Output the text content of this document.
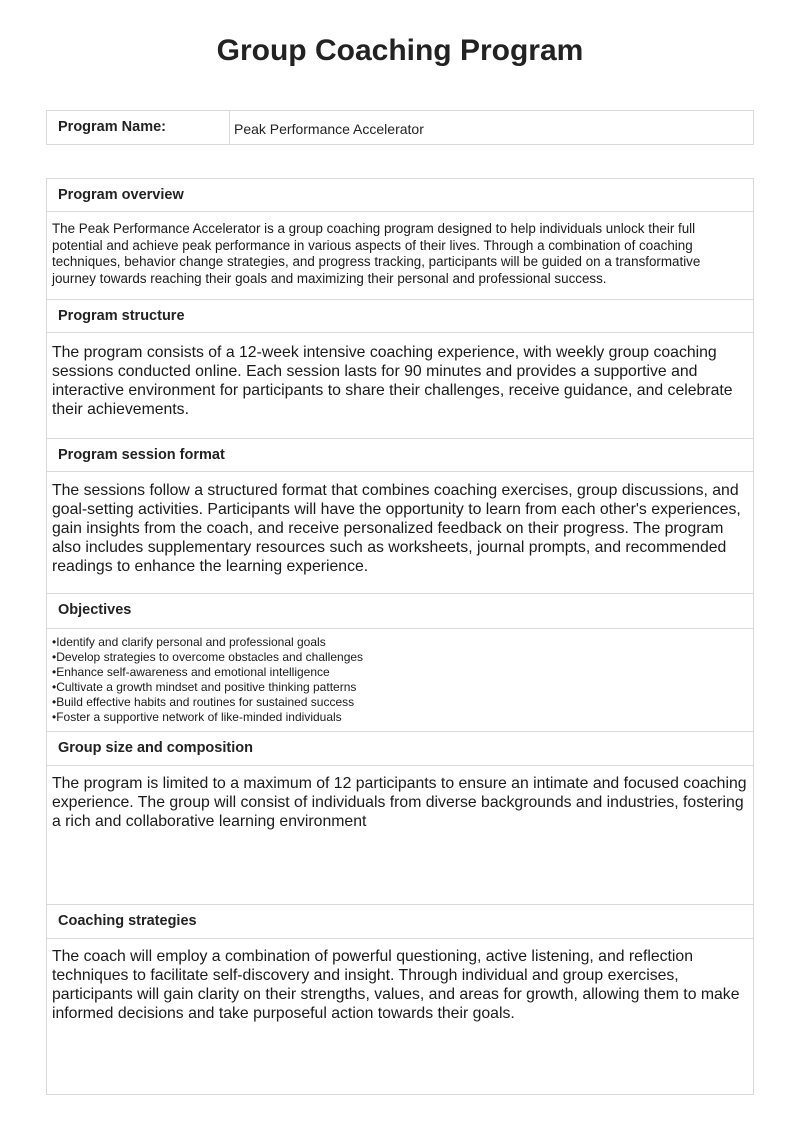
Group Coaching Program
Program Name:	Peak Performance Accelerator
Program overview

The Peak Performance Accelerator is a group coaching program designed to help individuals unlock their full potential and achieve peak performance in various aspects of their lives. Through a combination of coaching techniques, behavior change strategies, and progress tracking, participants will be guided on a transformative journey towards reaching their goals and maximizing their personal and professional success.

Program structure

The program consists of a 12-week intensive coaching experience, with weekly group coaching sessions conducted online. Each session lasts for 90 minutes and provides a supportive and interactive environment for participants to share their challenges, receive guidance, and celebrate their achievements.

Program session format

The sessions follow a structured format that combines coaching exercises, group discussions, and goal-setting activities. Participants will have the opportunity to learn from each other's experiences, gain insights from the coach, and receive personalized feedback on their progress. The program also includes supplementary resources such as worksheets, journal prompts, and recommended readings to enhance the learning experience.

Objectives
• Identify and clarify personal and professional goals
• Develop strategies to overcome obstacles and challenges
• Enhance self-awareness and emotional intelligence
• Cultivate a growth mindset and positive thinking patterns
• Build effective habits and routines for sustained success
• Foster a supportive network of like-minded individuals
Group size and composition

The program is limited to a maximum of 12 participants to ensure an intimate and focused coaching experience. The group will consist of individuals from diverse backgrounds and industries, fostering a rich and collaborative learning environment

Coaching strategies

The coach will employ a combination of powerful questioning, active listening, and reflection techniques to facilitate self-discovery and insight. Through individual and group exercises, participants will gain clarity on their strengths, values, and areas for growth, allowing them to make informed decisions and take purposeful action towards their goals.
